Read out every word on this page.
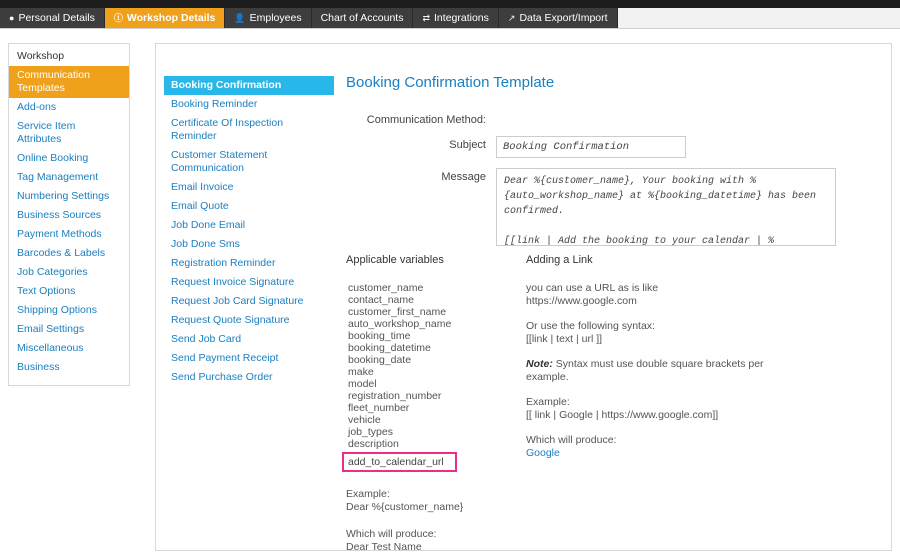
● Personal Details ⓘ Workshop Details 👤 Employees Chart of Accounts ⇄ Integrations ↗ Data Export/Import
Workshop
Communication Templates
Add-ons
Service Item Attributes
Online Booking
Tag Management
Numbering Settings
Business Sources
Payment Methods
Barcodes & Labels
Job Categories
Text Options
Shipping Options
Email Settings
Miscellaneous
Business
Booking Confirmation
Booking Reminder
Certificate Of Inspection Reminder
Customer Statement Communication
Email Invoice
Email Quote
Job Done Email
Job Done Sms
Registration Reminder
Request Invoice Signature
Request Job Card Signature
Request Quote Signature
Send Job Card
Send Payment Receipt
Send Purchase Order
Booking Confirmation Template
Communication Method:
Subject
Booking Confirmation
Message
Dear %{customer_name}, Your booking with %{auto_workshop_name} at %{booking_datetime} has been confirmed. [[link | Add the booking to your calendar | %{add_to_calendar_url}]]
Applicable variables
customer_name
contact_name
customer_first_name
auto_workshop_name
booking_time
booking_datetime
booking_date
make
model
registration_number
fleet_number
vehicle
job_types
description
add_to_calendar_url
Example:
Dear %{customer_name}
Which will produce:
Dear Test Name
Adding a Link
you can use a URL as is like
https://www.google.com
Or use the following syntax:
[[link | text | url ]]
Note: Syntax must use double square brackets per example.
Example:
[[ link | Google | https://www.google.com]]
Which will produce:
Google
